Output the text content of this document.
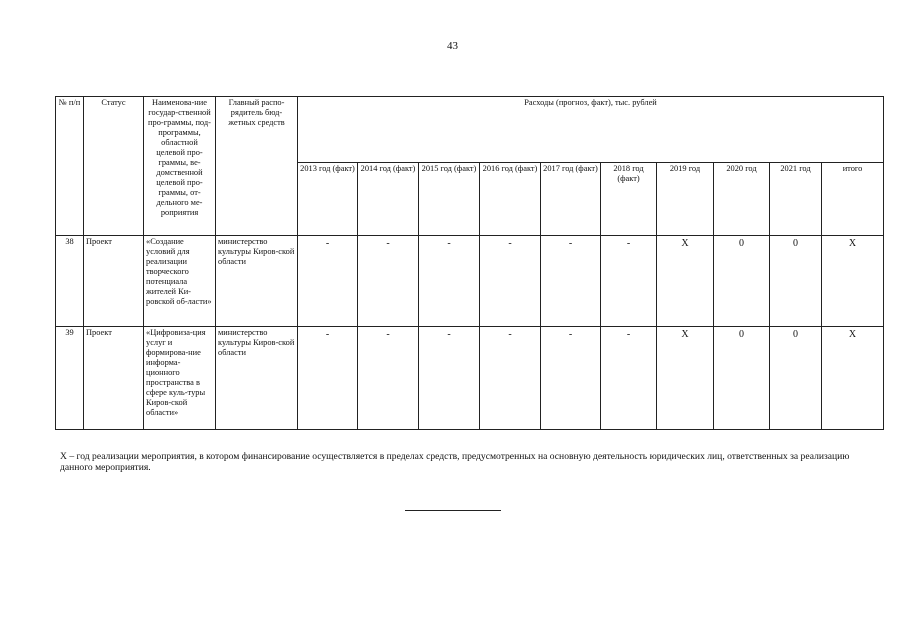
43
№ п/п	Статус	Наименова-ние государ-ственной про-граммы, под-программы, областной целевой про-граммы, ве-домственной целевой про-граммы, от-дельного ме-роприятия	Главный распо-рядитель бюд-жетных средств	Расходы (прогноз, факт), тыс. рублей									
				2013 год (факт)	2014 год (факт)	2015 год (факт)	2016 год (факт)	2017 год (факт)	2018 год (факт)	2019 год	2020 год	2021 год	итого
38	Проект	«Создание условий для реализации творческого потенциала жителей Ки-ровской об-ласти»	министерство культуры Киров-ской области	-	-	-	-	-	-	X	0	0	X
39	Проект	«Цифровиза-ция услуг и формирова-ние информа-ционного пространства в сфере куль-туры Киров-ской области»	министерство культуры Киров-ской области	-	-	-	-	-	-	X	0	0	X
Х – год реализации мероприятия, в котором финансирование осуществляется в пределах средств, предусмотренных на основную деятельность юридических лиц, ответственных за реализацию данного мероприятия.
